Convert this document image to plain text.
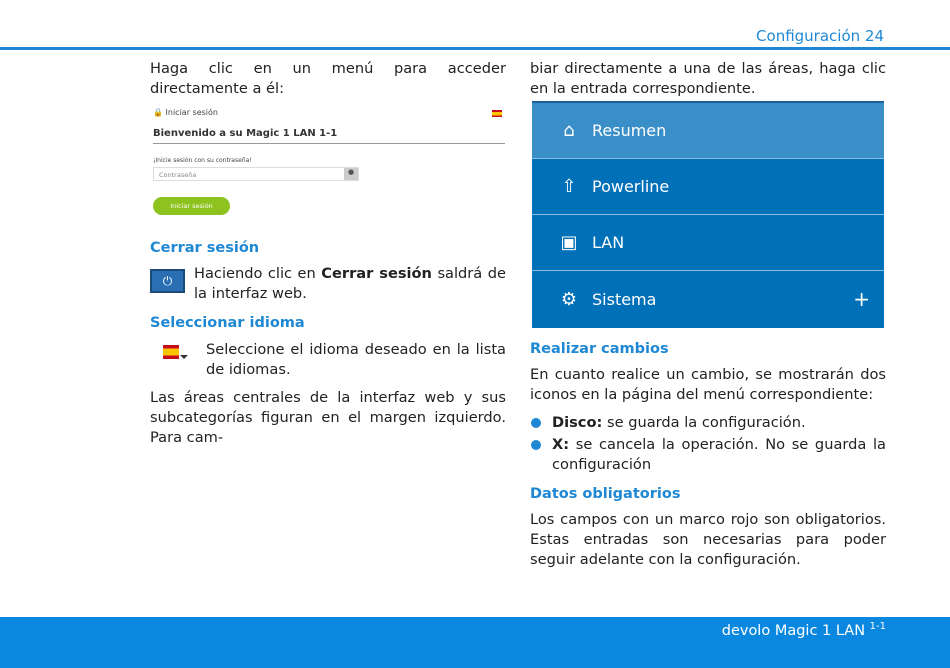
Configuración 24
Haga clic en un menú para acceder directamente a él:
🔒 Iniciar sesión
Bienvenido a su Magic 1 LAN 1-1
¡Inicie sesión con su contraseña!
Contraseña	●
Iniciar sesión
Cerrar sesión
⏻	Haciendo clic en Cerrar sesión saldrá de la interfaz web.
Seleccionar idioma
Seleccione el idioma deseado en la lista de idiomas.
Las áreas centrales de la interfaz web y sus subcategorías figuran en el margen izquierdo. Para cam-
biar directamente a una de las áreas, haga clic en la entrada correspondiente.
⌂	Resumen
⇧ Powerline
▣ LAN
⚙ Sistema	+
Realizar cambios
En cuanto realice un cambio, se mostrarán dos iconos en la página del menú correspondiente:
Disco: se guarda la configuración.
X: se cancela la operación. No se guarda la configuración
Datos obligatorios
Los campos con un marco rojo son obligatorios. Estas entradas son necesarias para poder seguir adelante con la configuración.
devolo Magic 1 LAN $^{1-1}$
